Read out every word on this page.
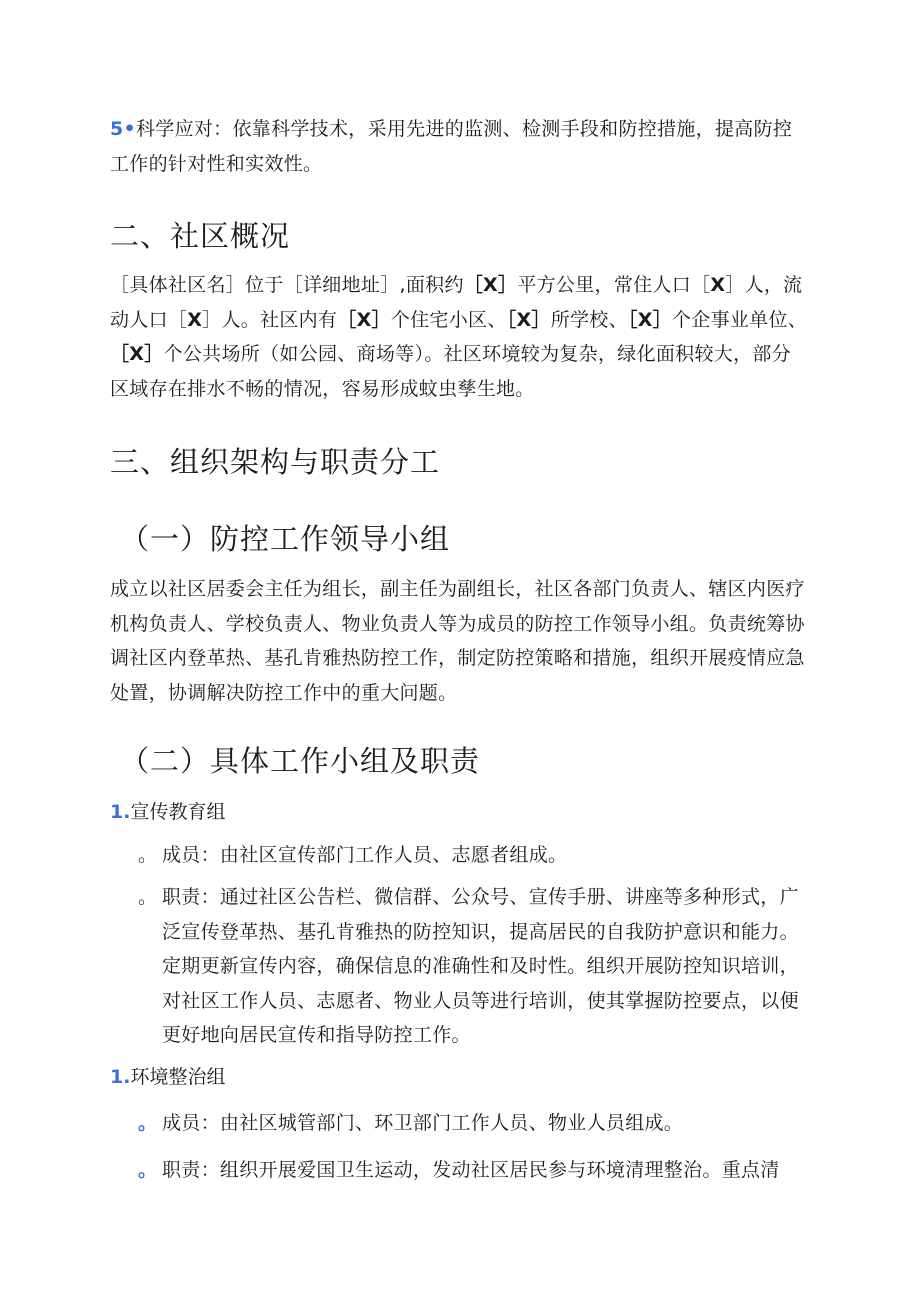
5•科学应对：依靠科学技术，采用先进的监测、检测手段和防控措施，提高防控工作的针对性和实效性。

二、社区概况

［具体社区名］位于［详细地址］,面积约［X］平方公里，常住人口［X］人，流动人口［X］人。社区内有［X］个住宅小区、［X］所学校、［X］个企事业单位、［X］个公共场所（如公园、商场等）。社区环境较为复杂，绿化面积较大，部分区域存在排水不畅的情况，容易形成蚊虫孳生地。

三、组织架构与职责分工
（一）防控工作领导小组

成立以社区居委会主任为组长，副主任为副组长，社区各部门负责人、辖区内医疗机构负责人、学校负责人、物业负责人等为成员的防控工作领导小组。负责统筹协调社区内登革热、基孔肯雅热防控工作，制定防控策略和措施，组织开展疫情应急处置，协调解决防控工作中的重大问题。

（二）具体工作小组及职责
1.宣传教育组

。 成员：由社区宣传部门工作人员、志愿者组成。

。 职责：通过社区公告栏、微信群、公众号、宣传手册、讲座等多种形式，广泛宣传登革热、基孔肯雅热的防控知识，提高居民的自我防护意识和能力。定期更新宣传内容，确保信息的准确性和及时性。组织开展防控知识培训，对社区工作人员、志愿者、物业人员等进行培训，使其掌握防控要点，以便更好地向居民宣传和指导防控工作。

1.环境整治组

。 成员：由社区城管部门、环卫部门工作人员、物业人员组成。

。 职责：组织开展爱国卫生运动，发动社区居民参与环境清理整治。重点清
